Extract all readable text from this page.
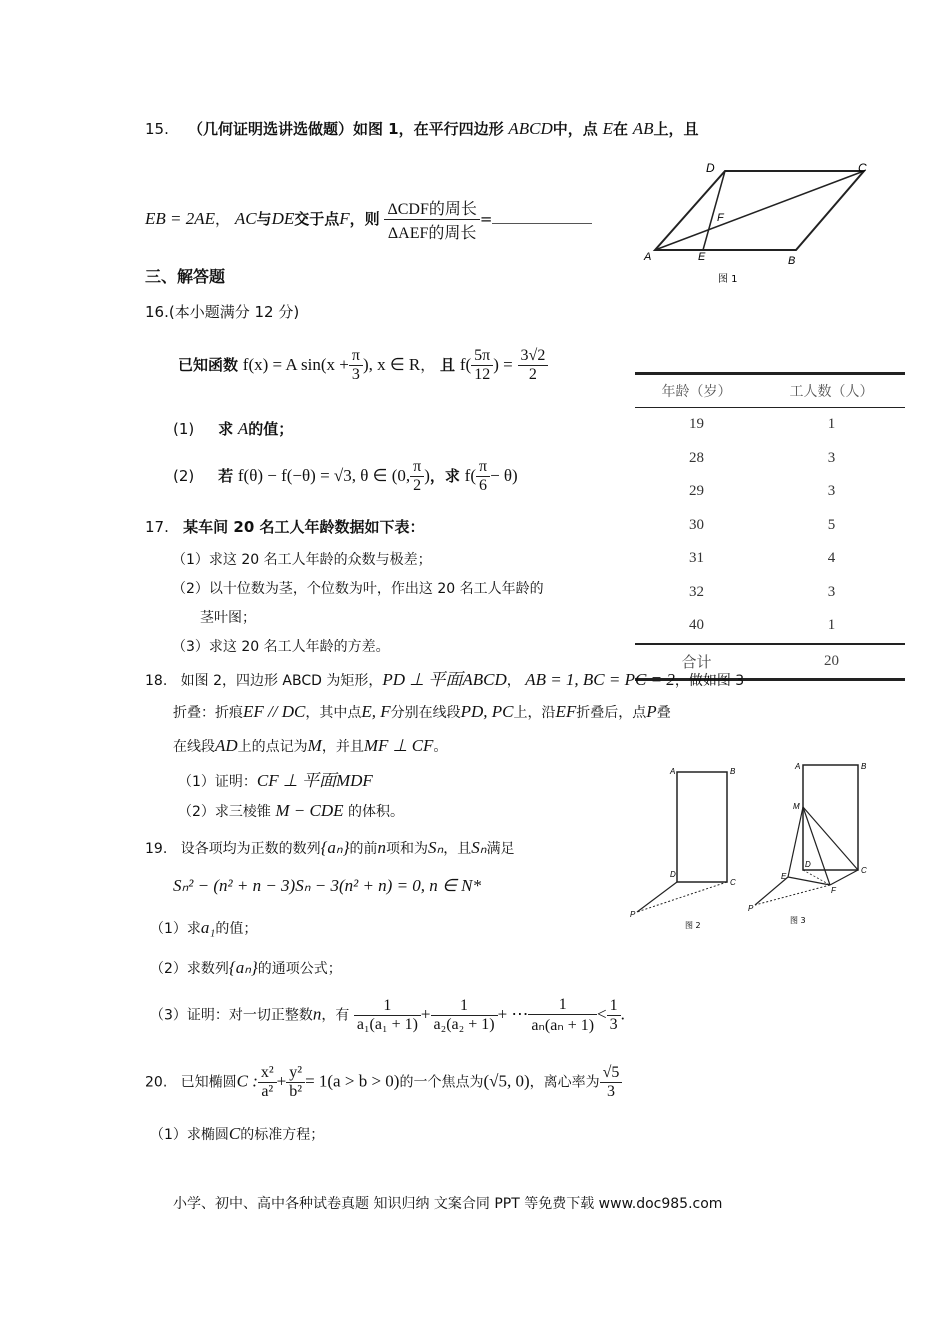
15. （几何证明选讲选做题）如图 1，在平行四边形 ABCD中，点 E在 AB上，且
EB = 2AE， AC与DE交于点F，则 $\frac{\text{ΔCDF的周长}}{\text{ΔAEF的周长}}$ =
D	C
F
A	E	B
图 1
三、解答题
16.(本小题满分 12 分)
已知函数 f(x) = A $\sin(x + \frac{\pi}{3}$ ), x ∈ R， 且 $f( \frac{5\pi}{12}$ ) = $\frac{3√2}{2}$
(1) 求 A的值；
(2) 若 f(θ) − f(−θ) = √3, θ ∈ (0, $\frac{\pi}{2}$ )，求 $f( \frac{\pi}{6} - \theta)$
年龄（岁）	工人数（人）
19	1
28	3
29	3
30	5
31	4
32	3
40	1
合计	20
17. 某车间 20 名工人年龄数据如下表：
（1）求这 20 名工人年龄的众数与极差；
（2）以十位数为茎，个位数为叶，作出这 20 名工人年龄的
茎叶图；
（3）求这 20 名工人年龄的方差。
18. 如图 2，四边形 ABCD 为矩形，PD ⊥ 平面ABCD， AB = 1, BC = PC = 2，做如图 3
折叠：折痕EF // DC，其中点E, F分别在线段PD, PC上，沿EF折叠后，点P叠
在线段AD上的点记为M，并且MF ⊥ CF。
（1）证明：CF ⊥ 平面MDF
（2）求三棱锥 M − CDE 的体积。
A	B
D
C
P
图 2
A	B
M
D
C
E
F
P
图 3
19. 设各项均为正数的数列{aₙ}的前n项和为Sₙ，且Sₙ满足
Sₙ² − (n² + n − 3)Sₙ − 3(n² + n) = 0, n ∈ N*
（1）求a₁的值；
（2）求数列{aₙ}的通项公式；
（3）证明：对一切正整数n，有 $\frac{1}{\text{a₁(a₁ + 1)}} + \frac{1}{\text{a₂(a₂ + 1)}}$ + ⋯ $\frac{1}{\text{aₙ(aₙ + 1)}} < \frac{1}{3}$ .
20. 已知椭圆C : $\frac{\text{x²}}{\text{a²}} + \frac{\text{y²}}{\text{b²}} = 1(a > b > 0)$的一个焦点为(√5, 0)，离心率为 $\frac{√5}{3}$
（1）求椭圆C的标准方程；
小学、初中、高中各种试卷真题 知识归纳 文案合同 PPT 等免费下载 www.doc985.com
